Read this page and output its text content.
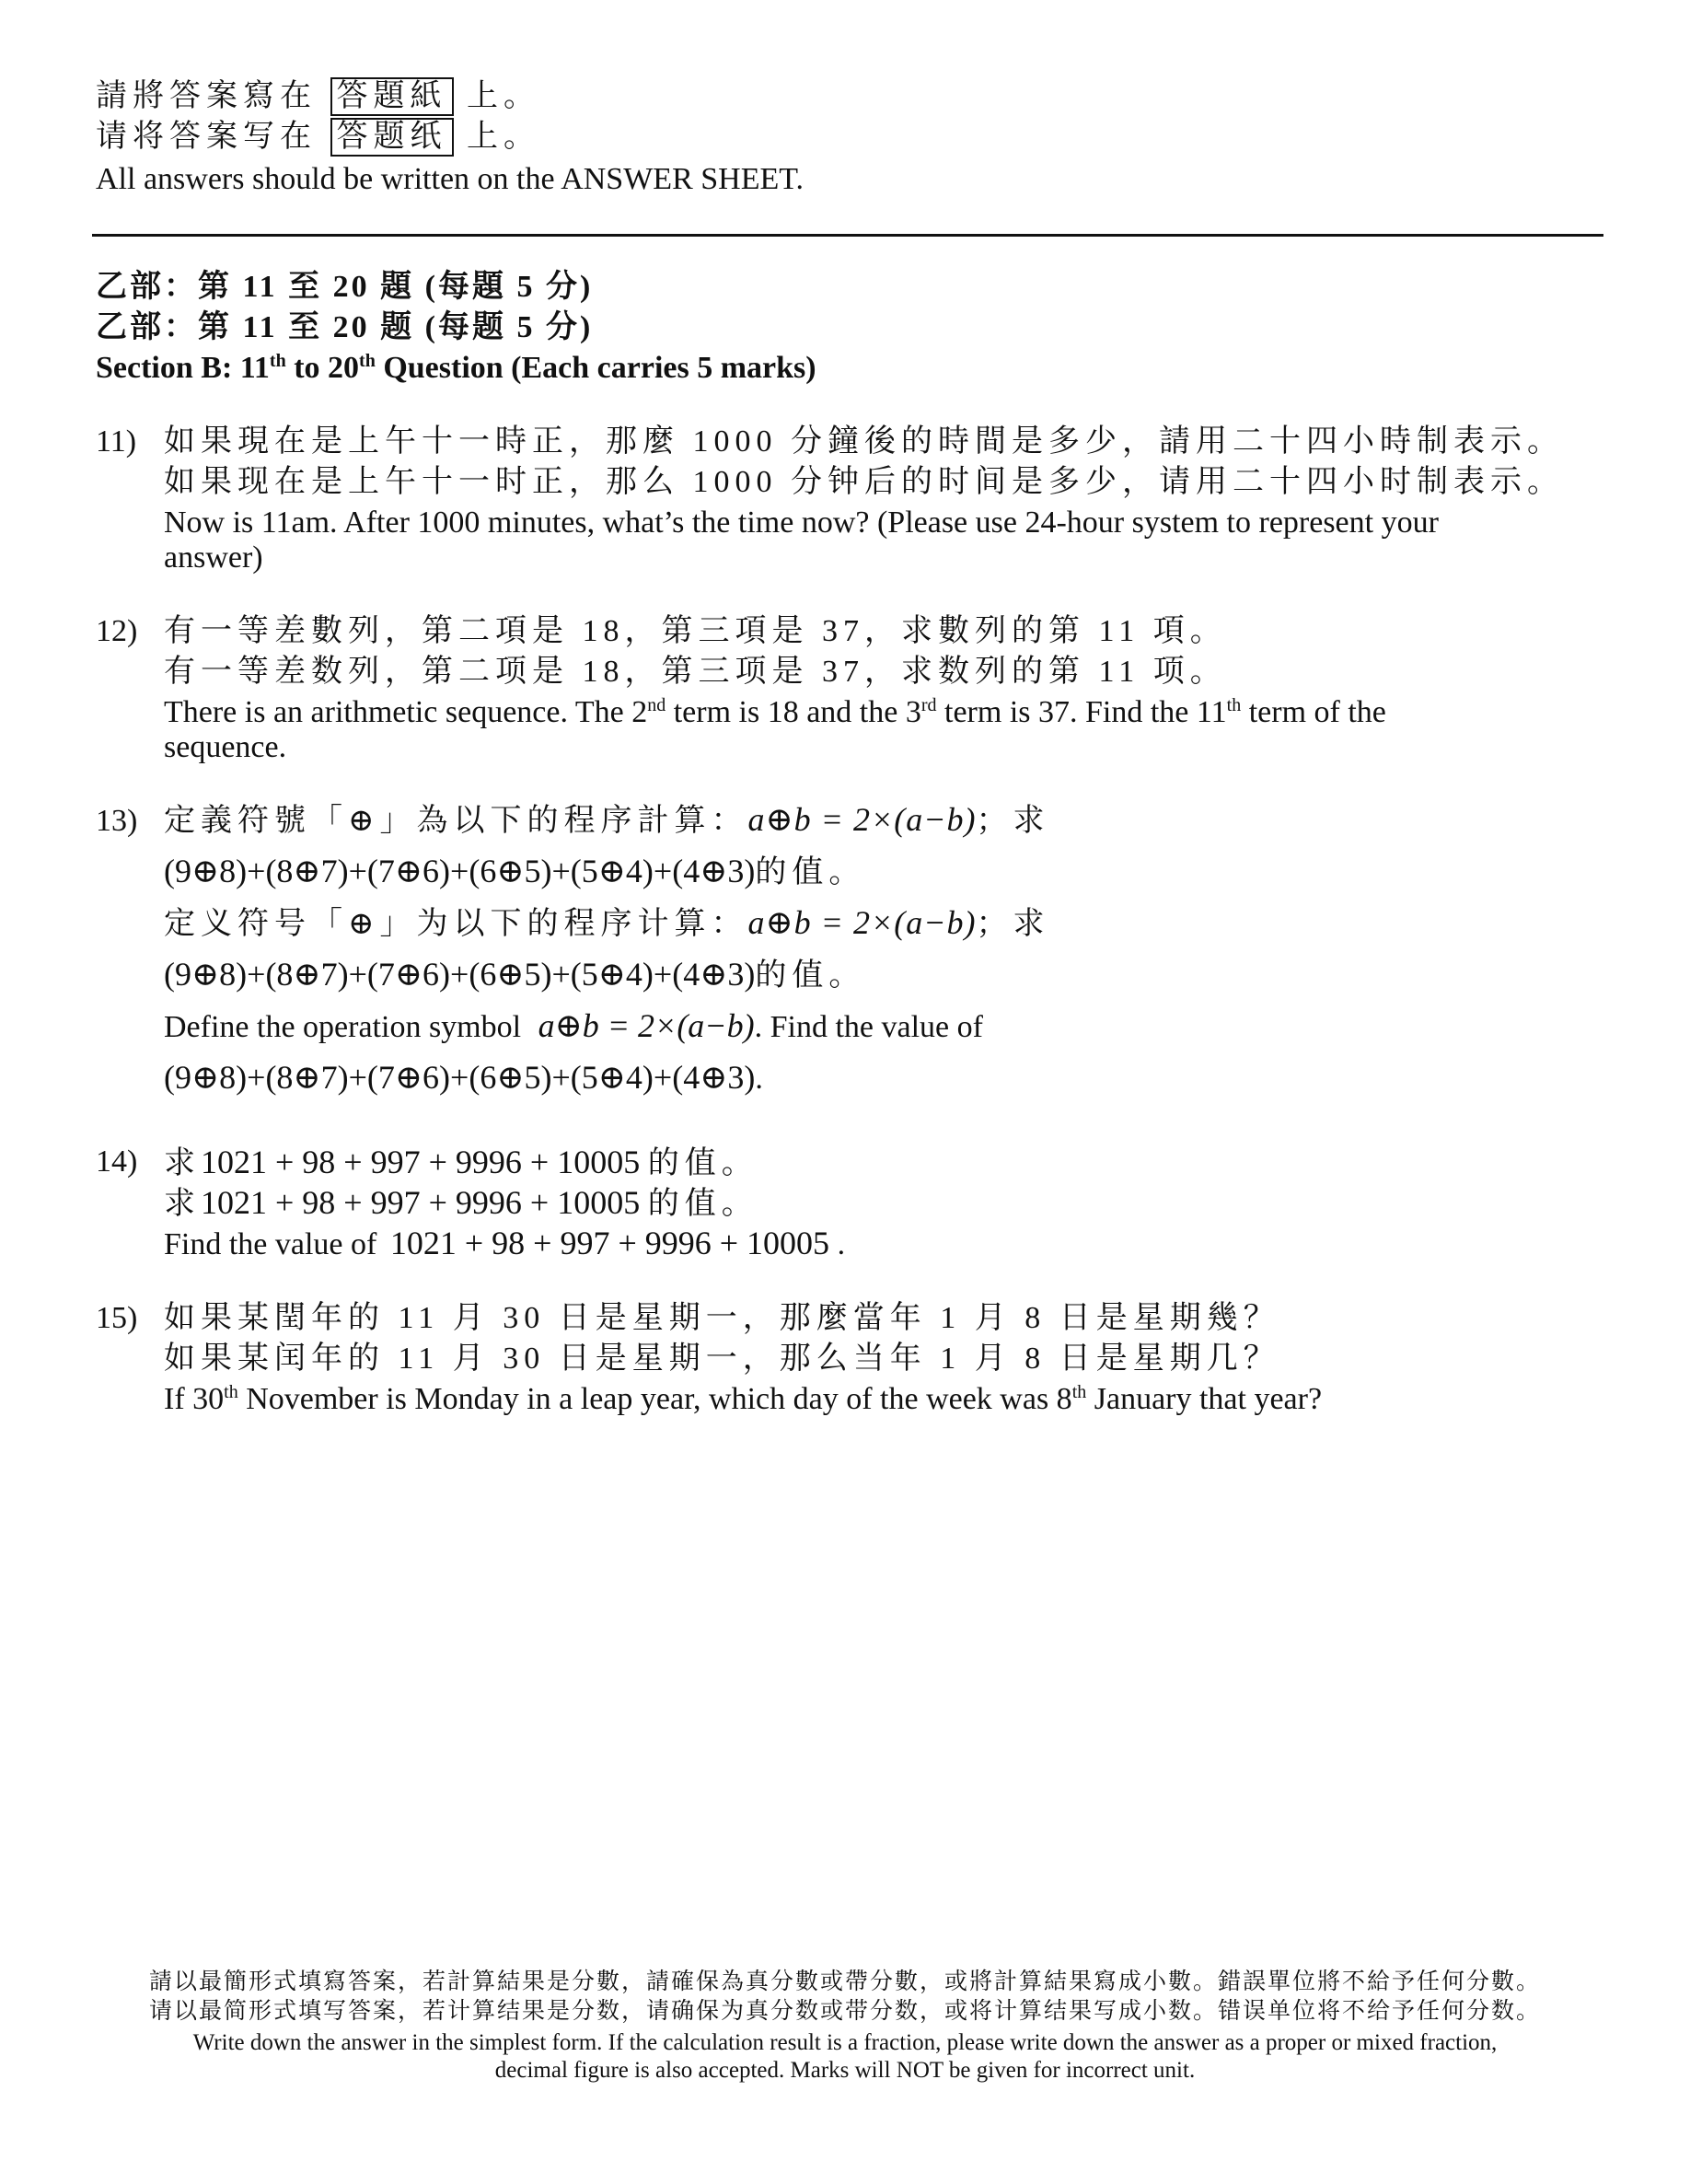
請將答案寫在 答題紙 上。
请将答案写在 答题纸 上。
All answers should be written on the ANSWER SHEET.
乙部：第 11 至 20 題 (每題 5 分)
乙部：第 11 至 20 题 (每题 5 分)
Section B: 11th to 20th Question (Each carries 5 marks)
11) 如果現在是上午十一時正，那麼 1000 分鐘後的時間是多少，請用二十四小時制表示。
如果现在是上午十一时正，那么 1000 分钟后的时间是多少，请用二十四小时制表示。
Now is 11am. After 1000 minutes, what’s the time now? (Please use 24-hour system to represent your
answer)
12) 有一等差數列，第二項是 18，第三項是 37，求數列的第 11 項。
有一等差数列，第二项是 18，第三项是 37，求数列的第 11 项。
There is an arithmetic sequence. The 2nd term is 18 and the 3rd term is 37. Find the 11th term of the
sequence.
13) 定義符號「⊕」為以下的程序計算：a⊕b = 2×(a−b)；求
(9⊕8)+(8⊕7)+(7⊕6)+(6⊕5)+(5⊕4)+(4⊕3)的值。
定义符号「⊕」为以下的程序计算：a⊕b = 2×(a−b)；求
(9⊕8)+(8⊕7)+(7⊕6)+(6⊕5)+(5⊕4)+(4⊕3)的值。
Define the operation symbol a⊕b = 2×(a−b). Find the value of
(9⊕8)+(8⊕7)+(7⊕6)+(6⊕5)+(5⊕4)+(4⊕3).
14) 求1021 + 98 + 997 + 9996 + 10005 的值。
求1021 + 98 + 997 + 9996 + 10005 的值。
Find the value of 1021 + 98 + 997 + 9996 + 10005 .
15) 如果某閏年的 11 月 30 日是星期一，那麼當年 1 月 8 日是星期幾？
如果某闰年的 11 月 30 日是星期一，那么当年 1 月 8 日是星期几？
If 30th November is Monday in a leap year, which day of the week was 8th January that year?
請以最簡形式填寫答案，若計算結果是分數，請確保為真分數或帶分數，或將計算結果寫成小數。錯誤單位將不給予任何分數。
请以最简形式填写答案，若计算结果是分数，请确保为真分数或带分数，或将计算结果写成小数。错误单位将不给予任何分数。
Write down the answer in the simplest form. If the calculation result is a fraction, please write down the answer as a proper or mixed fraction,
decimal figure is also accepted. Marks will NOT be given for incorrect unit.
